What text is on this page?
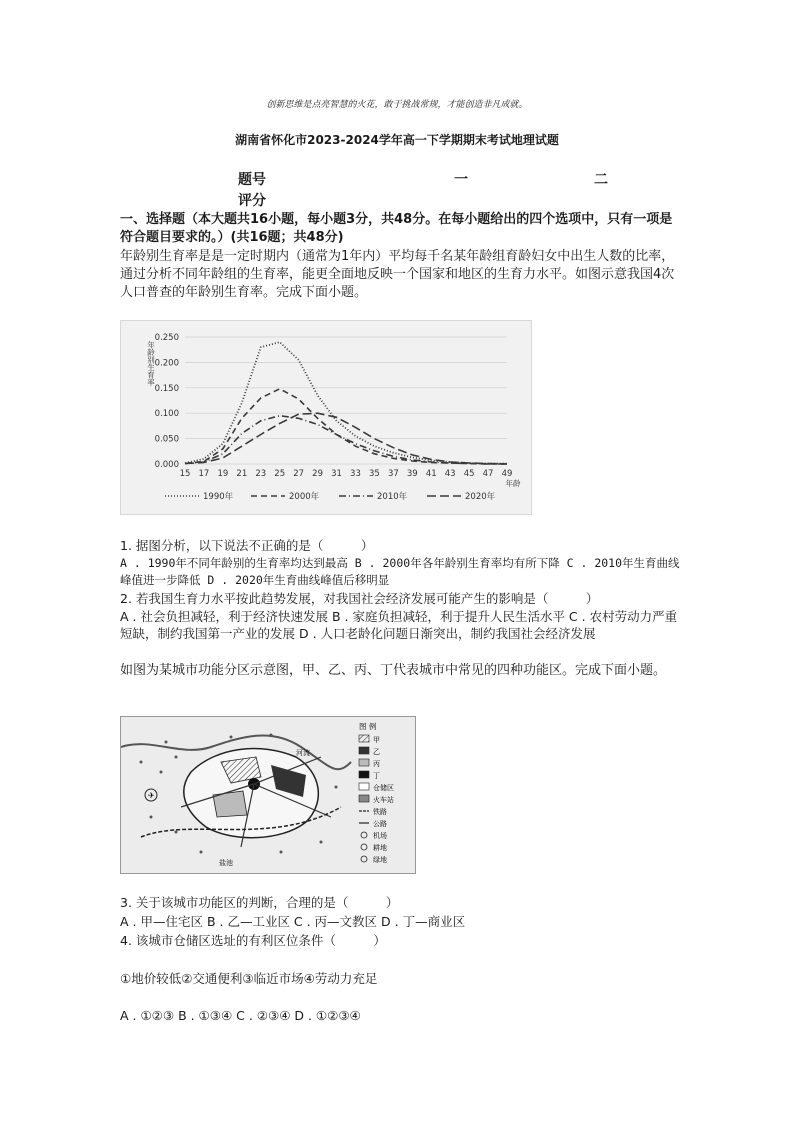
创新思维是点亮智慧的火花，敢于挑战常规，才能创造非凡成就。
湖南省怀化市2023-2024学年高一下学期期末考试地理试题
题号	一	二
评分
一、选择题（本大题共16小题，每小题3分，共48分。在每小题给出的四个选项中，只有一项是符合题目要求的。）(共16题；共48分)
年龄别生育率是是一定时期内（通常为1年内）平均每千名某年龄组育龄妇女中出生人数的比率，通过分析不同年龄组的生育率，能更全面地反映一个国家和地区的生育力水平。如图示意我国4次人口普查的年龄别生育率。完成下面小题。
0.000
0.050
0.100
0.150
0.200
0.250
15 17 19 21 23 25 27 29 31 33 35 37 39 41 43 45 47 49
年龄
年龄别生育率
1990年	2000年	2010年	2020年
1. 据图分析，以下说法不正确的是（　　　）
A . 1990年不同年龄别的生育率均达到最高 B . 2000年各年龄别生育率均有所下降 C . 2010年生育曲线峰值进一步降低 D . 2020年生育曲线峰值后移明显
2. 若我国生育力水平按此趋势发展，对我国社会经济发展可能产生的影响是（　　　）
A . 社会负担减轻，利于经济快速发展 B . 家庭负担减轻，利于提升人民生活水平 C . 农村劳动力严重短缺，制约我国第一产业的发展 D . 人口老龄化问题日渐突出，制约我国社会经济发展
如图为某城市功能分区示意图，甲、乙、丙、丁代表城市中常见的四种功能区。完成下面小题。
✈
河流
盐池
图 例
甲
乙
丙
丁
仓储区
火车站
铁路
公路
机场
耕地
绿地
3. 关于该城市功能区的判断，合理的是（　　　）
A . 甲—住宅区 B . 乙—工业区 C . 丙—文教区 D . 丁—商业区
4. 该城市仓储区选址的有利区位条件（　　　）
①地价较低②交通便利③临近市场④劳动力充足
A . ①②③ B . ①③④ C . ②③④ D . ①②③④
